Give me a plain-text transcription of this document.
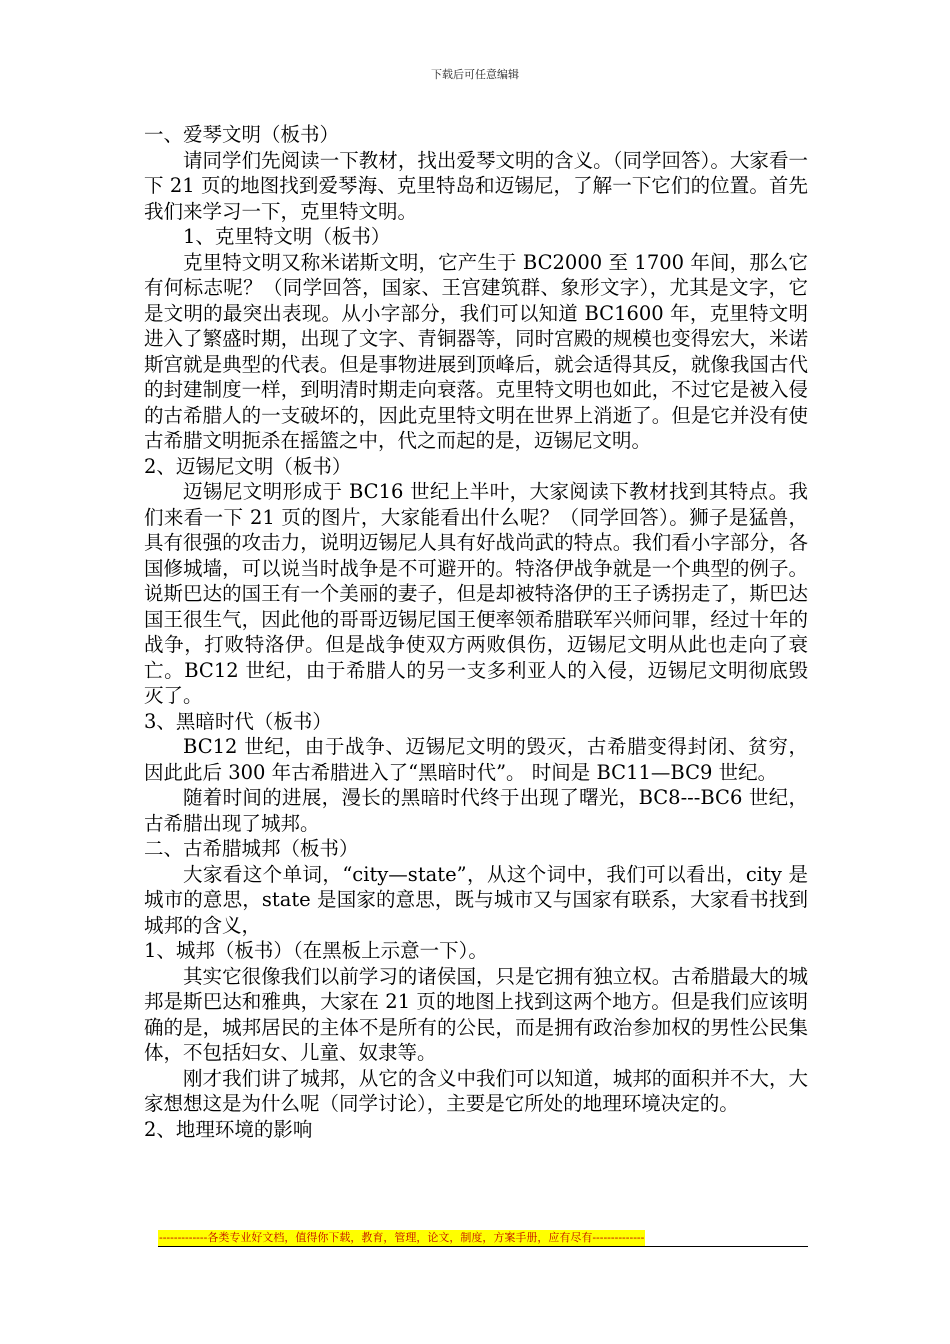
下载后可任意编辑

一、爱琴文明（板书）

请同学们先阅读一下教材，找出爱琴文明的含义。（同学回答）。大家看一下 21 页的地图找到爱琴海、克里特岛和迈锡尼，了解一下它们的位置。首先我们来学习一下，克里特文明。

1、克里特文明（板书）

克里特文明又称米诺斯文明，它产生于 BC2000 至 1700 年间，那么它有何标志呢？（同学回答，国家、王宫建筑群、象形文字），尤其是文字，它是文明的最突出表现。从小字部分，我们可以知道 BC1600 年，克里特文明进入了繁盛时期，出现了文字、青铜器等，同时宫殿的规模也变得宏大，米诺斯宫就是典型的代表。但是事物进展到顶峰后，就会适得其反，就像我国古代的封建制度一样，到明清时期走向衰落。克里特文明也如此，不过它是被入侵的古希腊人的一支破坏的，因此克里特文明在世界上消逝了。但是它并没有使古希腊文明扼杀在摇篮之中，代之而起的是，迈锡尼文明。

2、迈锡尼文明（板书）

迈锡尼文明形成于 BC16 世纪上半叶，大家阅读下教材找到其特点。我们来看一下 21 页的图片，大家能看出什么呢？（同学回答）。狮子是猛兽，具有很强的攻击力，说明迈锡尼人具有好战尚武的特点。我们看小字部分，各国修城墙，可以说当时战争是不可避开的。特洛伊战争就是一个典型的例子。说斯巴达的国王有一个美丽的妻子，但是却被特洛伊的王子诱拐走了，斯巴达国王很生气，因此他的哥哥迈锡尼国王便率领希腊联军兴师问罪，经过十年的战争，打败特洛伊。但是战争使双方两败俱伤，迈锡尼文明从此也走向了衰亡。BC12 世纪，由于希腊人的另一支多利亚人的入侵，迈锡尼文明彻底毁灭了。

3、黑暗时代（板书）

BC12 世纪，由于战争、迈锡尼文明的毁灭，古希腊变得封闭、贫穷，因此此后 300 年古希腊进入了“黑暗时代”。 时间是 BC11—BC9 世纪。

随着时间的进展，漫长的黑暗时代终于出现了曙光，BC8---BC6 世纪，古希腊出现了城邦。

二、古希腊城邦（板书）

大家看这个单词，“city—state”，从这个词中，我们可以看出，city 是城市的意思，state 是国家的意思，既与城市又与国家有联系，大家看书找到城邦的含义，

1、城邦（板书）（在黑板上示意一下）。

其实它很像我们以前学习的诸侯国，只是它拥有独立权。古希腊最大的城邦是斯巴达和雅典，大家在 21 页的地图上找到这两个地方。但是我们应该明确的是，城邦居民的主体不是所有的公民，而是拥有政治参加权的男性公民集体，不包括妇女、儿童、奴隶等。

刚才我们讲了城邦，从它的含义中我们可以知道，城邦的面积并不大，大家想想这是为什么呢（同学讨论），主要是它所处的地理环境决定的。

2、地理环境的影响

-------------各类专业好文档，值得你下载，教育，管理，论文，制度，方案手册，应有尽有--------------
